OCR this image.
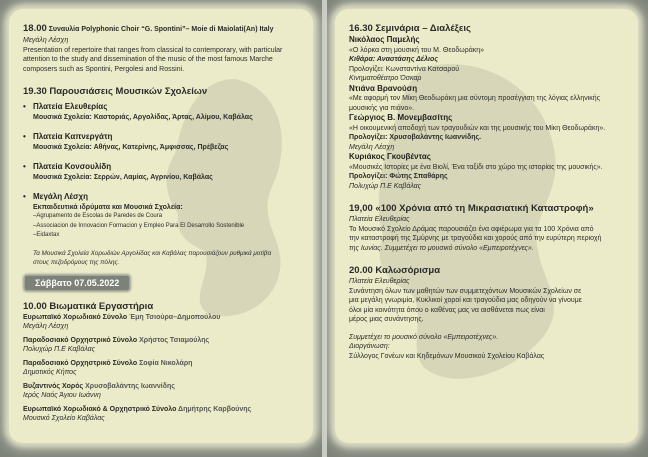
18.00 Συναυλία Polyphonic Choir “G. Spontini”– Moie di Maiolati(An) Italy
Μεγάλη Λέσχη
Presentation of repertoire that ranges from classical to contemporary, with particular
attention to the study and dissemination of the music of the most famous Marche
composers such as Spontini, Pergolesi and Rossini.
19.30 Παρουσιάσεις Μουσικών Σχολείων
• Πλατεία Ελευθερίας
Μουσικά Σχολεία: Καστοριάς, Αργολίδας, Άρτας, Αλίμου, Καβάλας
• Πλατεία Καπνεργάτη
Μουσικά Σχολεία: Αθήνας, Κατερίνης, Άμφισσας, Πρέβεζας
• Πλατεία Κονσουλίδη
Μουσικά Σχολεία: Σερρών, Λαμίας, Αγρινίου, Καβάλας
• Μεγάλη Λέσχη
Εκπαιδευτικά ιδρύματα και Μουσικά Σχολεία:
–Agrupamento de Escolas de Paredes de Coura
–Associacion de Innovacion Formacion y Empleo Para El Desarrollo Sostenible
–Eidaxtax
Τα Μουσικά Σχολεία Χορωδιών Αργολίδας και Καβάλας παρουσιάζουν ρυθμικά μοτίβα
στους πεζοδρόμους της πόλης.
Σάββατο 07.05.2022
10.00 Βιωματικά Εργαστήρια
Ευρωπαϊκό Χορωδιακό Σύνολο Έμη Τσιούρα–Δημοπούλου
Μεγάλη Λέσχη
Παραδοσιακό Ορχηστρικό Σύνολο Χρήστος Τσιαμούλης
Πολυχώρ Π.Ε Καβάλας
Παραδοσιακό Ορχηστρικό Σύνολο Σοφία Νικολάρη
Δημοτικός Κήπος
Βυζαντινός Χορός Χρυσοβαλάντης Ιωαννίδης
Ιερός Ναός Άγιου Ιωάννη
Ευρωπαϊκό Χορωδιακό & Ορχηστρικό Σύνολο Δημήτρης Καρβούνης
Μουσικό Σχολείο Καβάλας
16.30 Σεμινάρια – Διαλέξεις
Νικόλαος Παμελής
«Ο λόρκα στη μουσική του Μ. Θεοδωράκη»
Κιθάρα: Αναστάσης Δέλιος
Προλογίζει: Κωνσταντίνα Κατσαρού
Κινηματοθέατρο Όσκαρ
Ντιάνα Βρανούση
«Με αφορμή τον Μίκη Θεοδωράκη μια σύντομη προσέγγιση της λόγιας ελληνικής
μουσικής για πιάνο».
Γεώργιος Β. Μονεμβασίτης
«Η οικουμενική αποδοχή των τραγουδιών και της μουσικής του Μίκη Θεοδωράκη».
Προλογίζει: Χρυσοβαλάντης Ιωαννίδης.
Μεγάλη Λέσχη
Κυριάκος Γκουβέντας
«Μουσικές Ιστορίες με ένα Βιολί, Ένα ταξίδι στο χώρο της ιστορίας της μουσικής».
Προλογίζει: Φώτης Σπαθάρης
Πολυχώρ Π.Ε Καβάλας
19,00 «100 Χρόνια από τη Μικρασιατική Καταστροφή»
Πλατεία Ελευθερίας
Το Μουσικό Σχολείο Δράμας παρουσιάζει ένα αφιέρωμα για τα 100 Χρόνια από
την καταστροφή της Σμύρνης με τραγούδια και χορούς από την ευρύτερη περιοχή
της Ιωνίας. Συμμετέχει το μουσικό σύνολο «Εμπειροτέχνες».
20.00 Καλωσόρισμα
Πλατεία Ελευθερίας
Συνάντηση όλων των μαθητών των συμμετεχόντων Μουσικών Σχολείων σε
μια μεγάλη γνωριμία, Κυκλικοί χοροί και τραγούδια μας οδηγούν να γίνουμε
όλοι μία κοινότητα όπου ο καθένας μας να αισθάνεται πως είναι
μέρος μιας συνάντησης.
Συμμετέχει το μουσικό σύνολο «Εμπειροτέχνες».
Διοργάνωση:
Σύλλογος Γονέων και Κηδεμόνων Μουσικού Σχολείου Καβάλας
